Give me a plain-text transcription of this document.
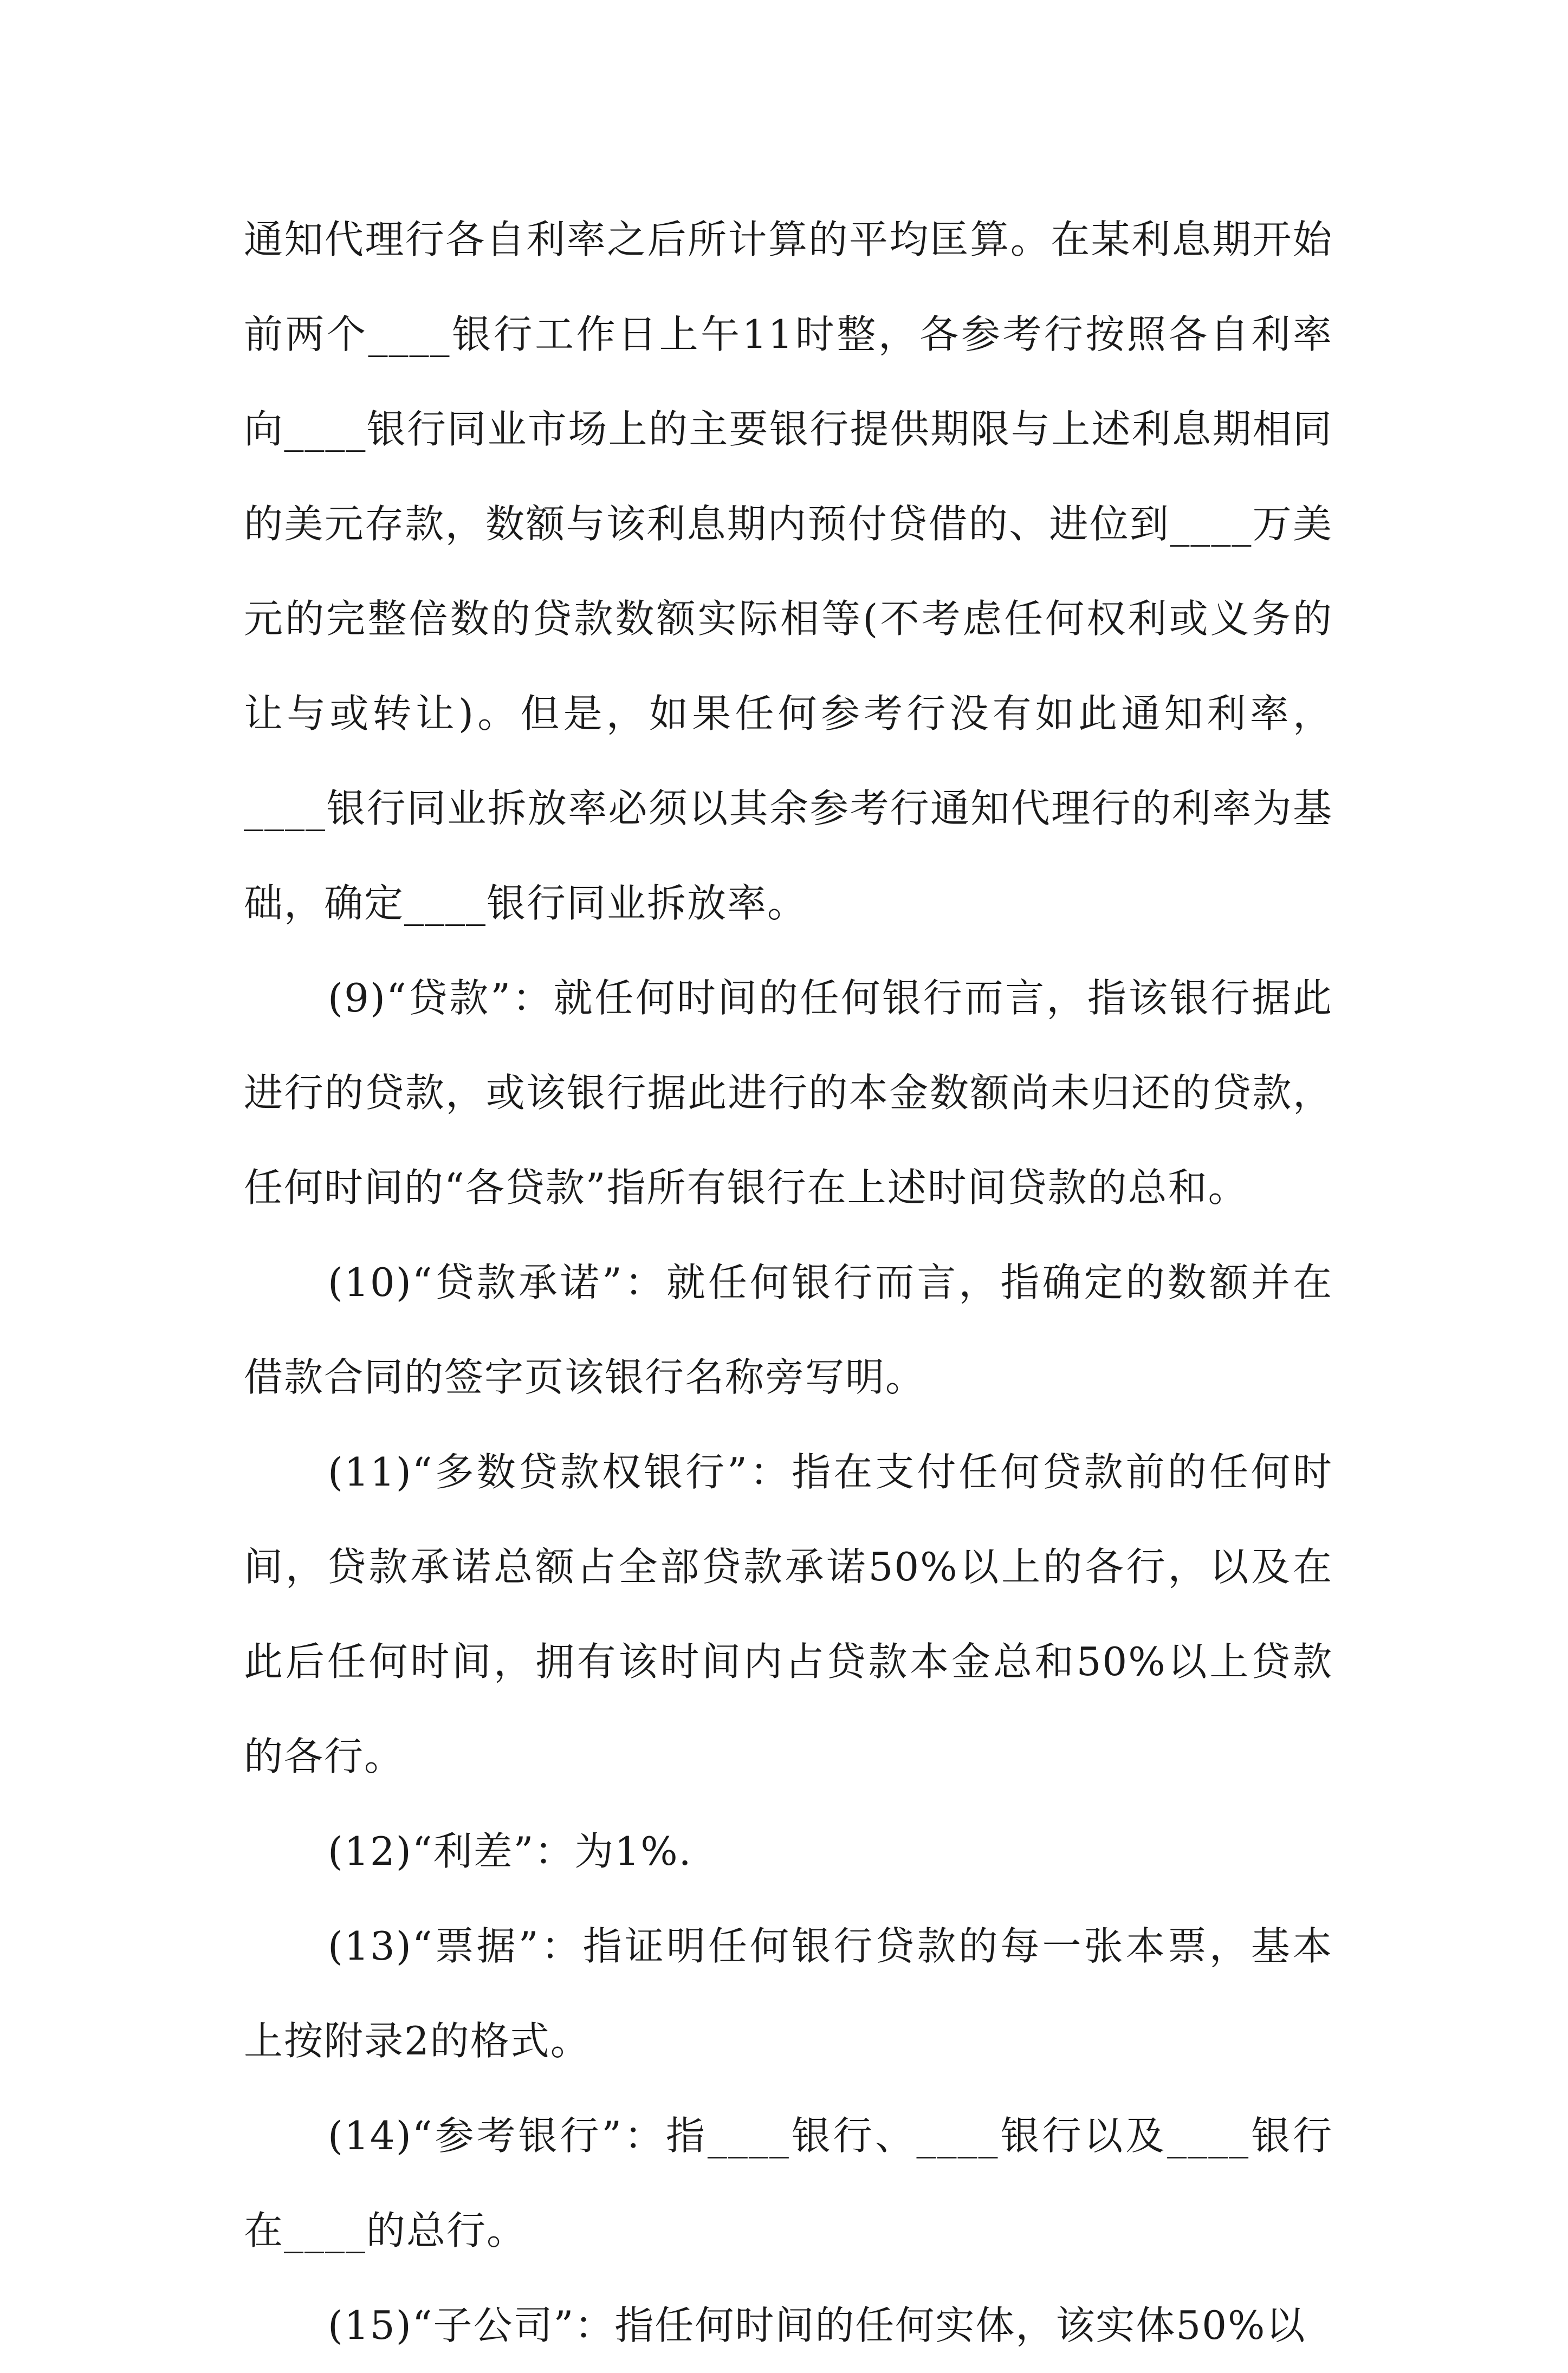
通知代理行各自利率之后所计算的平均匡算。在某利息期开始前两个____银行工作日上午11时整，各参考行按照各自利率向____银行同业市场上的主要银行提供期限与上述利息期相同的美元存款，数额与该利息期内预付贷借的、进位到____万美元的完整倍数的贷款数额实际相等(不考虑任何权利或义务的让与或转让)。但是，如果任何参考行没有如此通知利率，____银行同业拆放率必须以其余参考行通知代理行的利率为基础，确定____银行同业拆放率。

(9)“贷款”：就任何时间的任何银行而言，指该银行据此进行的贷款，或该银行据此进行的本金数额尚未归还的贷款，任何时间的“各贷款”指所有银行在上述时间贷款的总和。

(10)“贷款承诺”：就任何银行而言，指确定的数额并在借款合同的签字页该银行名称旁写明。

(11)“多数贷款权银行”：指在支付任何贷款前的任何时间，贷款承诺总额占全部贷款承诺50%以上的各行，以及在此后任何时间，拥有该时间内占贷款本金总和50%以上贷款的各行。

(12)“利差”：为1%.

(13)“票据”：指证明任何银行贷款的每一张本票，基本上按附录2的格式。

(14)“参考银行”：指____银行、____银行以及____银行在____的总行。

(15)“子公司”：指任何时间的任何实体，该实体50%以
